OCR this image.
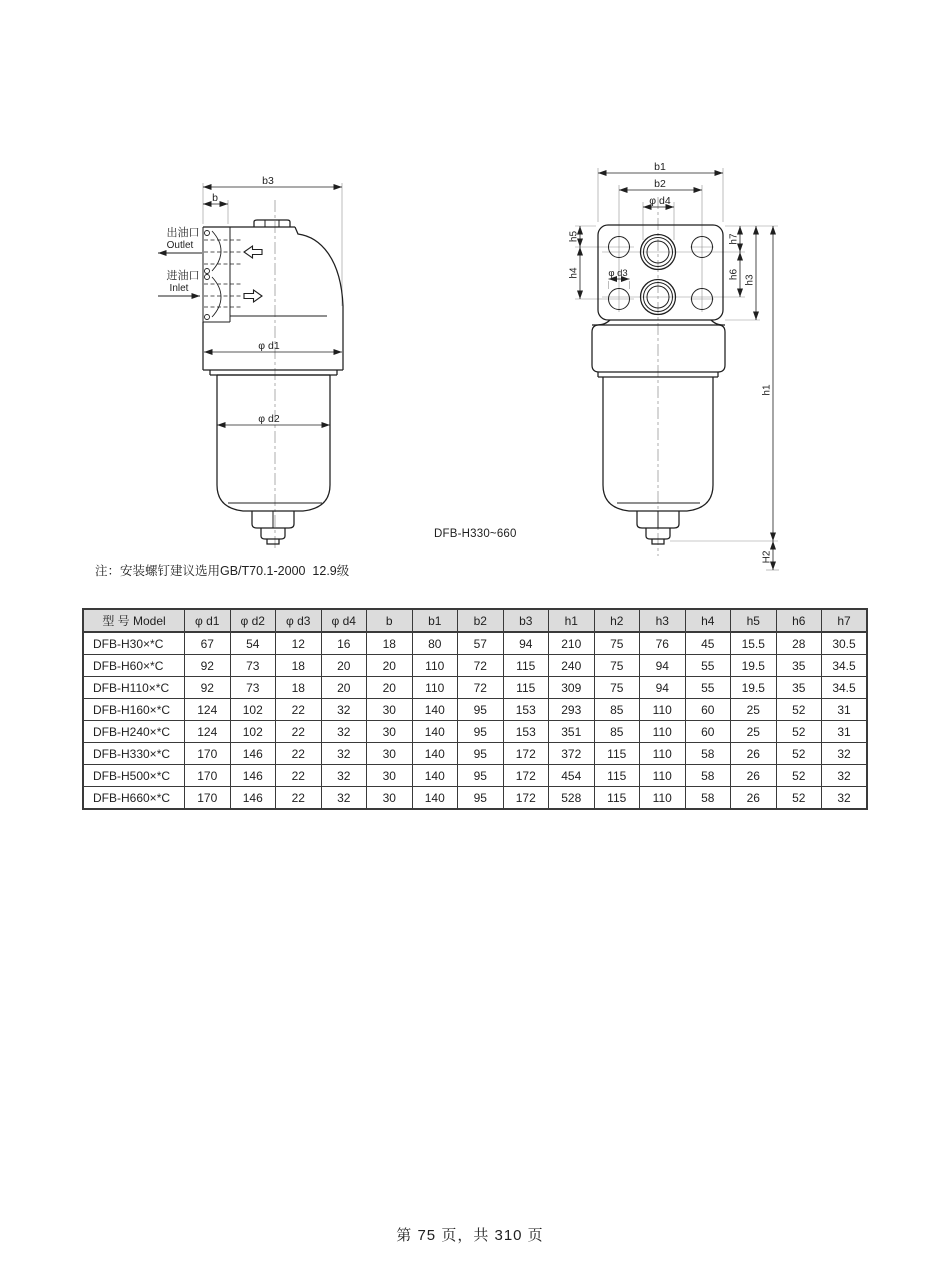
b3
b
φ d1
φ d2
出油口
Outlet
进油口
Inlet
b1
b2
φ d4
φ d3
h5
h4
h7
h6 h3
h1
H2
DFB-H330~660
注：安装螺钉建议选用GB/T70.1-2000  12.9级
型 号 Model	φ d1	φ d2	φ d3	φ d4	b	b1	b2	b3	h1	h2	h3	h4	h5	h6	h7
DFB-H30×*C	67	54	12	16	18	80	57	94	210	75	76	45	15.5	28	30.5
DFB-H60×*C	92	73	18	20	20	110	72	115	240	75	94	55	19.5	35	34.5
DFB-H110×*C	92	73	18	20	20	110	72	115	309	75	94	55	19.5	35	34.5
DFB-H160×*C	124	102	22	32	30	140	95	153	293	85	110	60	25	52	31
DFB-H240×*C	124	102	22	32	30	140	95	153	351	85	110	60	25	52	31
DFB-H330×*C	170	146	22	32	30	140	95	172	372	115	110	58	26	52	32
DFB-H500×*C	170	146	22	32	30	140	95	172	454	115	110	58	26	52	32
DFB-H660×*C	170	146	22	32	30	140	95	172	528	115	110	58	26	52	32
第 75 页，共 310 页
